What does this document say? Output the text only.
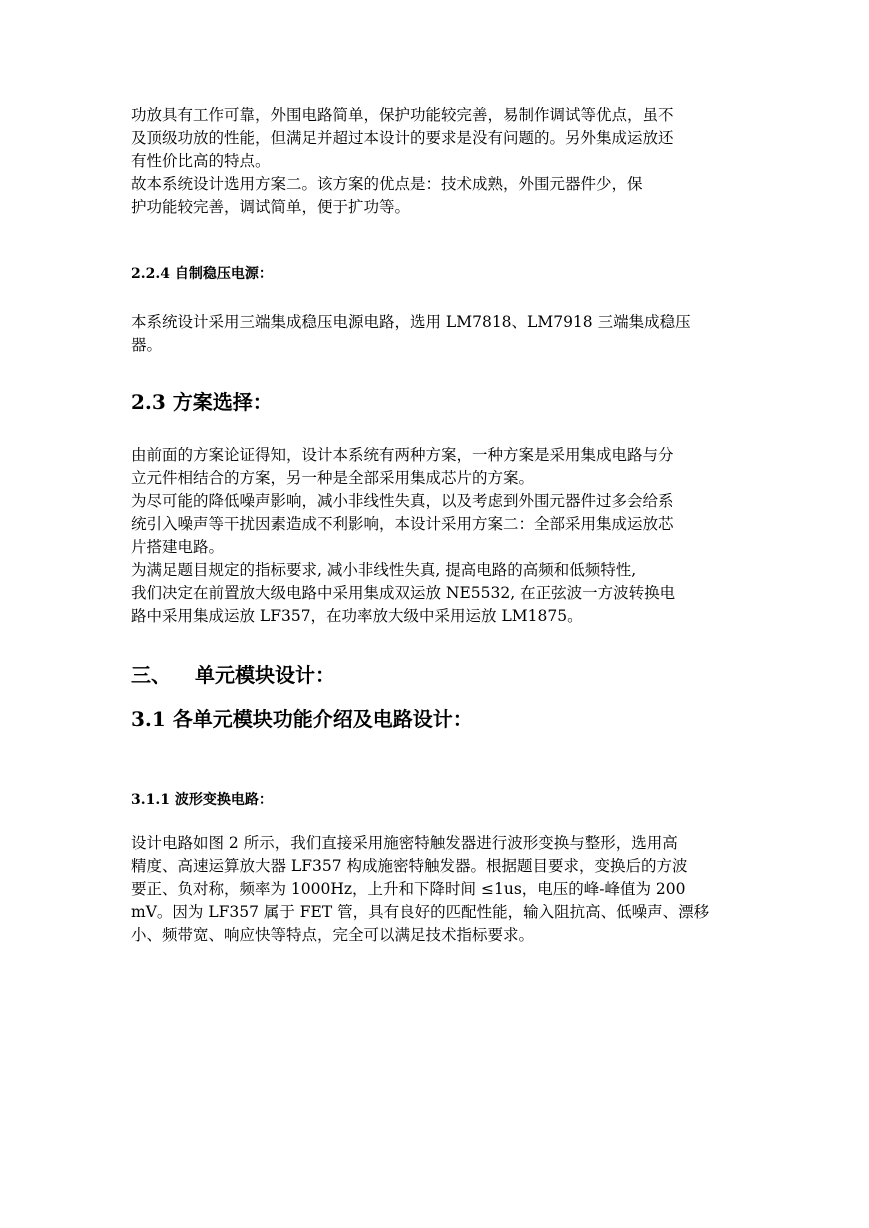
功放具有工作可靠，外围电路简单，保护功能较完善，易制作调试等优点，虽不

及顶级功放的性能，但满足并超过本设计的要求是没有问题的。另外集成运放还

有性价比高的特点。

故本系统设计选用方案二。该方案的优点是：技术成熟，外围元器件少，保

护功能较完善，调试简单，便于扩功等。

2.2.4 自制稳压电源：

本系统设计采用三端集成稳压电源电路，选用 LM7818、LM7918 三端集成稳压

器。

2.3 方案选择：

由前面的方案论证得知，设计本系统有两种方案，一种方案是采用集成电路与分

立元件相结合的方案，另一种是全部采用集成芯片的方案。

为尽可能的降低噪声影响，减小非线性失真，以及考虑到外围元器件过多会给系

统引入噪声等干扰因素造成不利影响，本设计采用方案二：全部采用集成运放芯

片搭建电路。

为满足题目规定的指标要求, 减小非线性失真, 提高电路的高频和低频特性,

我们决定在前置放大级电路中采用集成双运放 NE5532, 在正弦波一方波转换电

路中采用集成运放 LF357，在功率放大级中采用运放 LM1875。

三、 单元模块设计：

3.1 各单元模块功能介绍及电路设计：

3.1.1 波形变换电路：

设计电路如图 2 所示，我们直接采用施密特触发器进行波形变换与整形，选用高

精度、高速运算放大器 LF357 构成施密特触发器。根据题目要求，变换后的方波

要正、负对称，频率为 1000Hz，上升和下降时间 ≤1us，电压的峰-峰值为 200

mV。因为 LF357 属于 FET 管，具有良好的匹配性能，输入阻抗高、低噪声、漂移

小、频带宽、响应快等特点，完全可以满足技术指标要求。
